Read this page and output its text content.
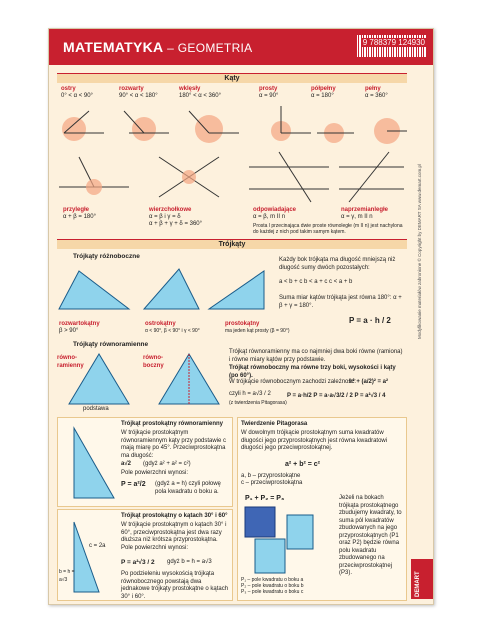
MATEMATYKA – GEOMETRIA	9 788379 124930
Kąty
ostry
0° < α < 90°
rozwarty
90° < α < 180°
wklęsły
180° < α < 360°
prosty
α = 90°
półpełny
α = 180°
pełny
α = 360°
przyległe
α + β = 180°
wierzchołkowe
α = β i γ = δ
α + β + γ + δ = 360°
odpowiadające
α = β, m II n
naprzemianległe
α = γ, m II n
Prosta l przecinająca dwie proste równoległe (m II n) jest nachylona do każdej z nich pod takim samym kątem.
Trójkąty
Trójkąty różnoboczne
rozwartokątny
β > 90°
ostrokątny
α < 90°, β < 90° i γ < 90°
prostokątny
ma jeden kąt prosty (β = 90°)
Każdy bok trójkąta ma długość mniejszą niż długość sumy dwóch pozostałych:
a < b + c b < a + c c < a + b
Suma miar kątów trójkąta jest równa 180°: α + β + γ = 180°.
P = a · h / 2
Trójkąty równoramienne
równo-ramienny
równo-boczny
podstawa
Trójkąt równoramienny ma co najmniej dwa boki równe (ramiona) i równe miary kątów przy podstawie.
Trójkąt równoboczny ma równe trzy boki, wysokości i kąty (po 60°).
W trójkącie równobocznym zachodzi zależność:
h² + (a/2)² = a²
czyli h = a√3 / 2
(z twierdzenia Pitagorasa)
P = a·h/2 P = a·a√3/2 / 2 P = a²√3 / 4
Trójkąt prostokątny równoramienny
W trójkącie prostokątnym równoramiennym kąty przy podstawie c mają miarę po 45°. Przeciwprostokątna ma długość:
a√2 (gdyż a² + a² = c²)
Pole powierzchni wynosi:
P = a²/2 (gdyż a = h) czyli połowę pola kwadratu o boku a.
c = 2a
b = h = a√3
Trójkąt prostokątny o kątach 30° i 60°
W trójkącie prostokątnym o kątach 30° i 60°, przeciwprostokątna jest dwa razy dłuższa niż krótsza przyprostokątna. Pole powierzchni wynosi:
P = a²√3 / 2 gdyż b = h = a√3
Po podzieleniu wysokością trójkąta równobocznego powstają dwa jednakowe trójkąty prostokątne o kątach 30° i 60°.
Twierdzenie Pitagorasa
W dowolnym trójkącie prostokątnym suma kwadratów długości jego przyprostokątnych jest równa kwadratowi długości jego przeciwprostokątnej.
a² + b² = c²
a, b – przyprostokątne
c – przeciwprostokątna
P₁ + P₂ = P₃
P₁ – pole kwadratu o boku a
P₂ – pole kwadratu o boku b
P₃ – pole kwadratu o boku c
Jeżeli na bokach trójkąta prostokątnego zbudujemy kwadraty, to suma pól kwadratów zbudowanych na jego przyprostokątnych (P1 oraz P2) będzie równa polu kwadratu zbudowanego na przeciwprostokątnej (P3).
Modyfikowanie materiałów zabronione © Copyright by DEMART SA www.demart.com.pl
DEMART
